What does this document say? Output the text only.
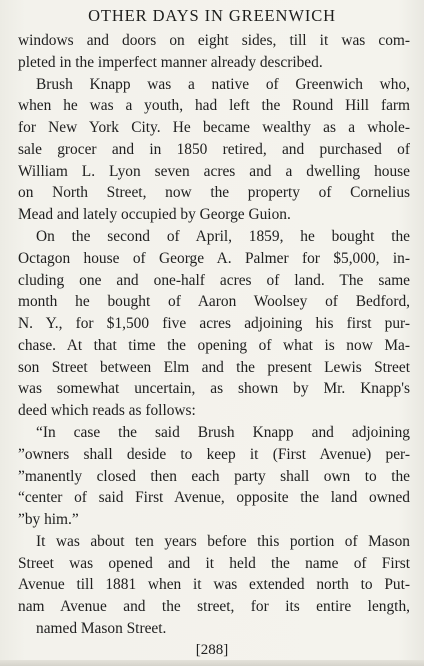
OTHER DAYS IN GREENWICH
windows and doors on eight sides, till it was com-
pleted in the imperfect manner already described.
Brush Knapp was a native of Greenwich who,
when he was a youth, had left the Round Hill farm
for New York City. He became wealthy as a whole-
sale grocer and in 1850 retired, and purchased of
William L. Lyon seven acres and a dwelling house
on North Street, now the property of Cornelius
Mead and lately occupied by George Guion.
On the second of April, 1859, he bought the
Octagon house of George A. Palmer for $5,000, in-
cluding one and one-half acres of land. The same
month he bought of Aaron Woolsey of Bedford,
N. Y., for $1,500 five acres adjoining his first pur-
chase. At that time the opening of what is now Ma-
son Street between Elm and the present Lewis Street
was somewhat uncertain, as shown by Mr. Knapp's
deed which reads as follows:
“In case the said Brush Knapp and adjoining
”owners shall deside to keep it (First Avenue) per-
”manently closed then each party shall own to the
“center of said First Avenue, opposite the land owned
”by him.”
It was about ten years before this portion of Mason
Street was opened and it held the name of First
Avenue till 1881 when it was extended north to Put-
nam Avenue and the street, for its entire length,
named Mason Street.
[288]
